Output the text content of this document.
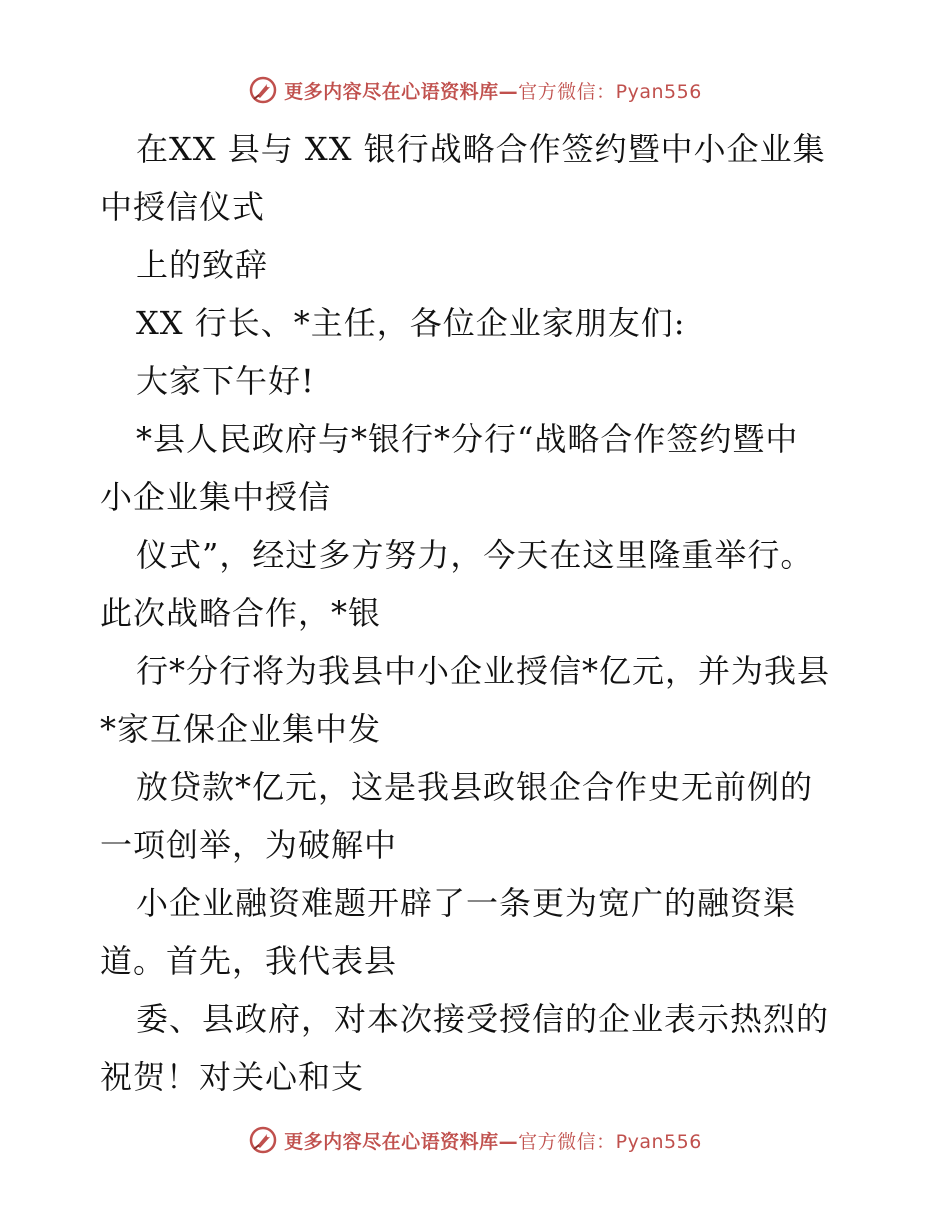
更多内容尽在心语资料库—官方微信：Pyan556
在XX 县与 XX 银行战略合作签约暨中小企业集
中授信仪式
上的致辞
XX 行长、*主任，各位企业家朋友们:
大家下午好!
*县人民政府与*银行*分行“战略合作签约暨中
小企业集中授信
仪式”，经过多方努力，今天在这里隆重举行。
此次战略合作，*银
行*分行将为我县中小企业授信*亿元，并为我县
*家互保企业集中发
放贷款*亿元，这是我县政银企合作史无前例的
一项创举，为破解中
小企业融资难题开辟了一条更为宽广的融资渠
道。首先，我代表县
委、县政府，对本次接受授信的企业表示热烈的
祝贺！对关心和支
更多内容尽在心语资料库—官方微信：Pyan556
